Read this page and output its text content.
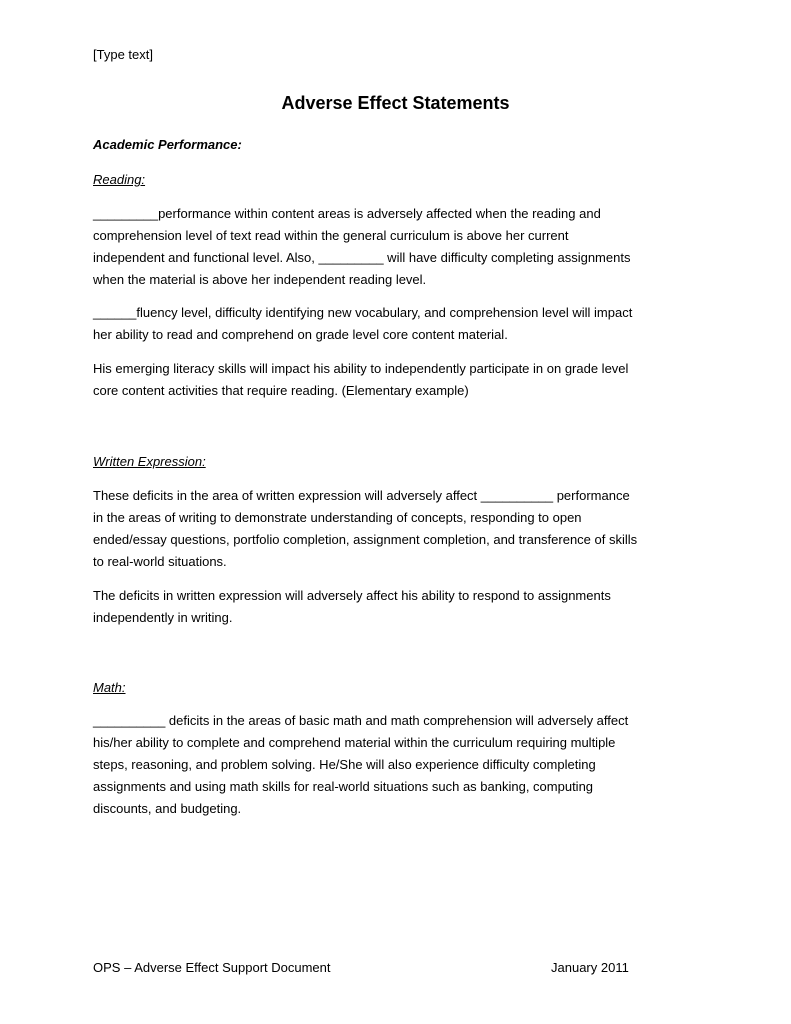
[Type text]
Adverse Effect Statements
Academic Performance:
Reading:
_________performance within content areas is adversely affected when the reading and
comprehension level of text read within the general curriculum is above her current
independent and functional level. Also, _________ will have difficulty completing assignments
when the material is above her independent reading level.
______fluency level, difficulty identifying new vocabulary, and comprehension level will impact
her ability to read and comprehend on grade level core content material.
His emerging literacy skills will impact his ability to independently participate in on grade level
core content activities that require reading. (Elementary example)
Written Expression:
These deficits in the area of written expression will adversely affect __________ performance
in the areas of writing to demonstrate understanding of concepts, responding to open
ended/essay questions, portfolio completion, assignment completion, and transference of skills
to real-world situations.
The deficits in written expression will adversely affect his ability to respond to assignments
independently in writing.
Math:
__________ deficits in the areas of basic math and math comprehension will adversely affect
his/her ability to complete and comprehend material within the curriculum requiring multiple
steps, reasoning, and problem solving. He/She will also experience difficulty completing
assignments and using math skills for real-world situations such as banking, computing
discounts, and budgeting.
OPS – Adverse Effect Support Document	January 2011
